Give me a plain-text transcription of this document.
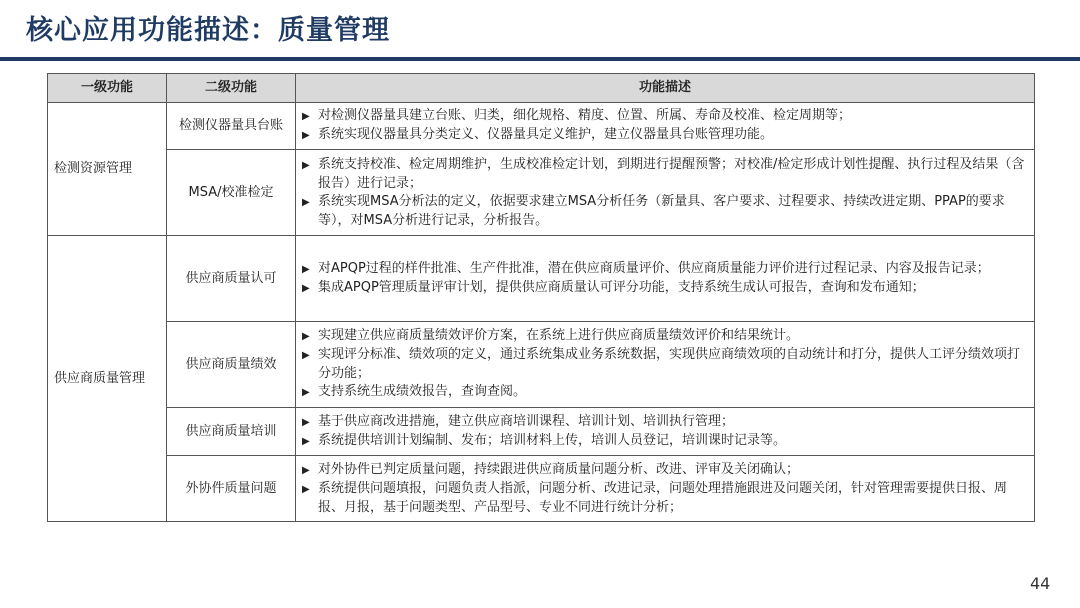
核心应用功能描述：质量管理
一级功能	二级功能	功能描述
检测资源管理	检测仪器量具台账	▶ 对检测仪器量具建立台账、归类，细化规格、精度、位置、所属、寿命及校准、检定周期等；
▶ 系统实现仪器量具分类定义、仪器量具定义维护，建立仪器量具台账管理功能。

	MSA/校准检定	▶ 系统支持校准、检定周期维护，生成校准检定计划，到期进行提醒预警；对校准/检定形成计划性提醒、执行过程及结果（含报告）进行记录；
▶ 系统实现MSA分析法的定义，依据要求建立MSA分析任务（新量具、客户要求、过程要求、持续改进定期、PPAP的要求等），对MSA分析进行记录，分析报告。

供应商质量管理	供应商质量认可	▶ 对APQP过程的样件批准、生产件批准，潜在供应商质量评价、供应商质量能力评价进行过程记录、内容及报告记录；
▶ 集成APQP管理质量评审计划，提供供应商质量认可评分功能，支持系统生成认可报告，查询和发布通知；

	供应商质量绩效	▶ 实现建立供应商质量绩效评价方案，在系统上进行供应商质量绩效评价和结果统计。
▶ 实现评分标准、绩效项的定义，通过系统集成业务系统数据，实现供应商绩效项的自动统计和打分，提供人工评分绩效项打分功能；
▶ 支持系统生成绩效报告，查询查阅。

	供应商质量培训	▶ 基于供应商改进措施，建立供应商培训课程、培训计划、培训执行管理；
▶ 系统提供培训计划编制、发布；培训材料上传，培训人员登记，培训课时记录等。

	外协件质量问题	▶ 对外协件已判定质量问题，持续跟进供应商质量问题分析、改进、评审及关闭确认；
▶ 系统提供问题填报，问题负责人指派，问题分析、改进记录，问题处理措施跟进及问题关闭，针对管理需要提供日报、周报、月报，基于问题类型、产品型号、专业不同进行统计分析；
44
